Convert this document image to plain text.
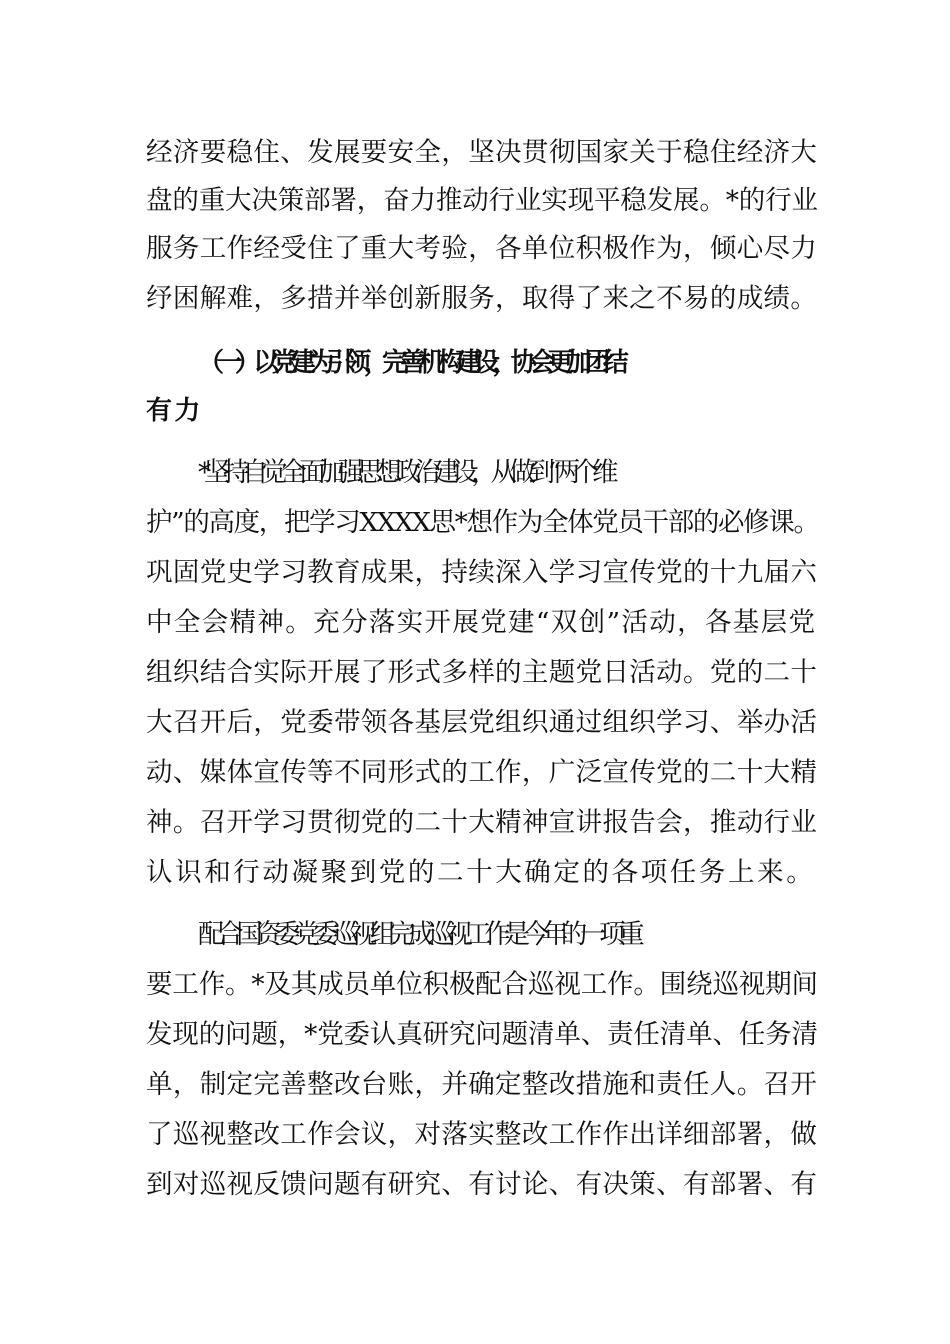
经济要稳住、发展要安全，坚决贯彻国家关于稳住经济大
盘的重大决策部署，奋力推动行业实现平稳发展。*的行业
服务工作经受住了重大考验，各单位积极作为，倾心尽力
纾困解难，多措并举创新服务，取得了来之不易的成绩。
（一）以党建为引领，完善机构建设，协会更加团结
有力
*坚持自觉全面加强思想政治建设，从做到“两个维
护”的高度，把学习XXXX思*想作为全体党员干部的必修课。
巩固党史学习教育成果，持续深入学习宣传党的十九届六
中全会精神。充分落实开展党建“双创”活动，各基层党
组织结合实际开展了形式多样的主题党日活动。党的二十
大召开后，党委带领各基层党组织通过组织学习、举办活
动、媒体宣传等不同形式的工作，广泛宣传党的二十大精
神。召开学习贯彻党的二十大精神宣讲报告会，推动行业
认识和行动凝聚到党的二十大确定的各项任务上来。
配合国资委党委巡视组完成巡视工作是今年的一项重
要工作。*及其成员单位积极配合巡视工作。围绕巡视期间
发现的问题，*党委认真研究问题清单、责任清单、任务清
单，制定完善整改台账，并确定整改措施和责任人。召开
了巡视整改工作会议，对落实整改工作作出详细部署，做
到对巡视反馈问题有研究、有讨论、有决策、有部署、有
